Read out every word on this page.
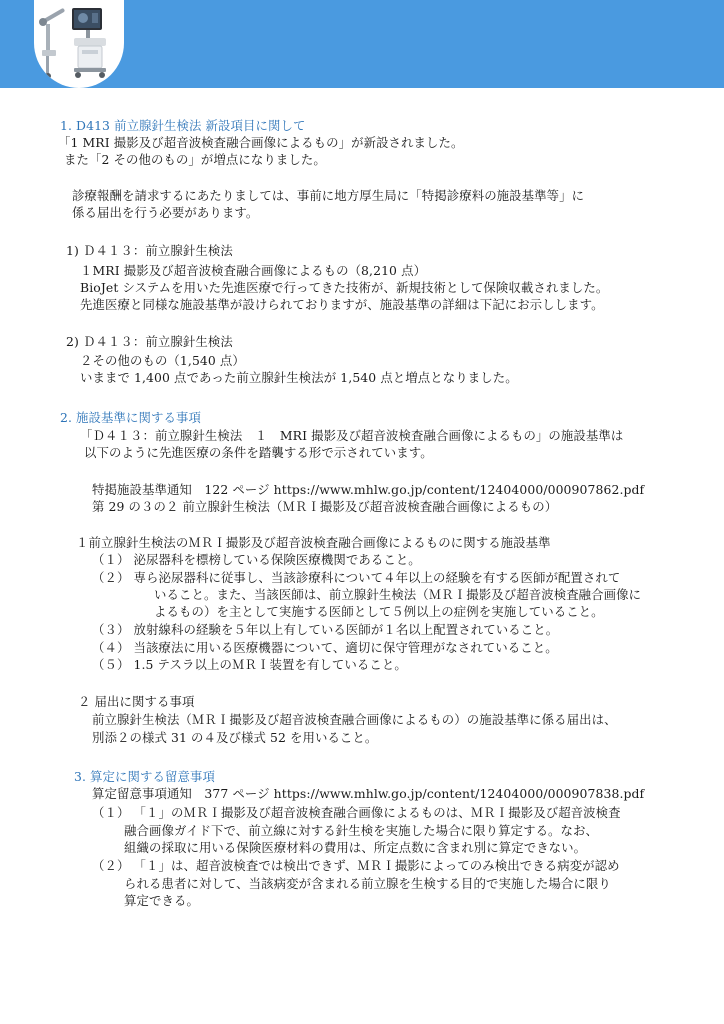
1. D413 前立腺針生検法 新設項目に関して
「1 MRI 撮影及び超音波検査融合画像によるもの」が新設されました。
また「2 その他のもの」が増点になりました。
診療報酬を請求するにあたりましては、事前に地方厚生局に「特掲診療料の施設基準等」に
係る届出を行う必要があります。
1) Ｄ４１３：前立腺針生検法
１MRI 撮影及び超音波検査融合画像によるもの（8,210 点）
BioJet システムを用いた先進医療で行ってきた技術が、新規技術として保険収載されました。
先進医療と同様な施設基準が設けられておりますが、施設基準の詳細は下記にお示しします。
2) Ｄ４１３：前立腺針生検法
２その他のもの（1,540 点）
いままで 1,400 点であった前立腺針生検法が 1,540 点と増点となりました。
2. 施設基準に関する事項
「Ｄ４１３：前立腺針生検法　１　MRI 撮影及び超音波検査融合画像によるもの」の施設基準は
以下のように先進医療の条件を踏襲する形で示されています。
特掲施設基準通知　122 ページ https://www.mhlw.go.jp/content/12404000/000907862.pdf
第 29 の３の２ 前立腺針生検法（ＭＲＩ撮影及び超音波検査融合画像によるもの）
１前立腺針生検法のＭＲＩ撮影及び超音波検査融合画像によるものに関する施設基準
（１） 泌尿器科を標榜している保険医療機関であること。
（２） 専ら泌尿器科に従事し、当該診療科について４年以上の経験を有する医師が配置されて
いること。また、当該医師は、前立腺針生検法（ＭＲＩ撮影及び超音波検査融合画像に
よるもの）を主として実施する医師として５例以上の症例を実施していること。
（３） 放射線科の経験を５年以上有している医師が１名以上配置されていること。
（４） 当該療法に用いる医療機器について、適切に保守管理がなされていること。
（５） 1.5 テスラ以上のＭＲＩ装置を有していること。
２ 届出に関する事項
前立腺針生検法（ＭＲＩ撮影及び超音波検査融合画像によるもの）の施設基準に係る届出は、
別添２の様式 31 の４及び様式 52 を用いること。
3. 算定に関する留意事項
算定留意事項通知　377 ページ https://www.mhlw.go.jp/content/12404000/000907838.pdf
（１） 「１」のＭＲＩ撮影及び超音波検査融合画像によるものは、ＭＲＩ撮影及び超音波検査
融合画像ガイド下で、前立線に対する針生検を実施した場合に限り算定する。なお、
組織の採取に用いる保険医療材料の費用は、所定点数に含まれ別に算定できない。
（２） 「１」は、超音波検査では検出できず、ＭＲＩ撮影によってのみ検出できる病変が認め
られる患者に対して、当該病変が含まれる前立腺を生検する目的で実施した場合に限り
算定できる。
